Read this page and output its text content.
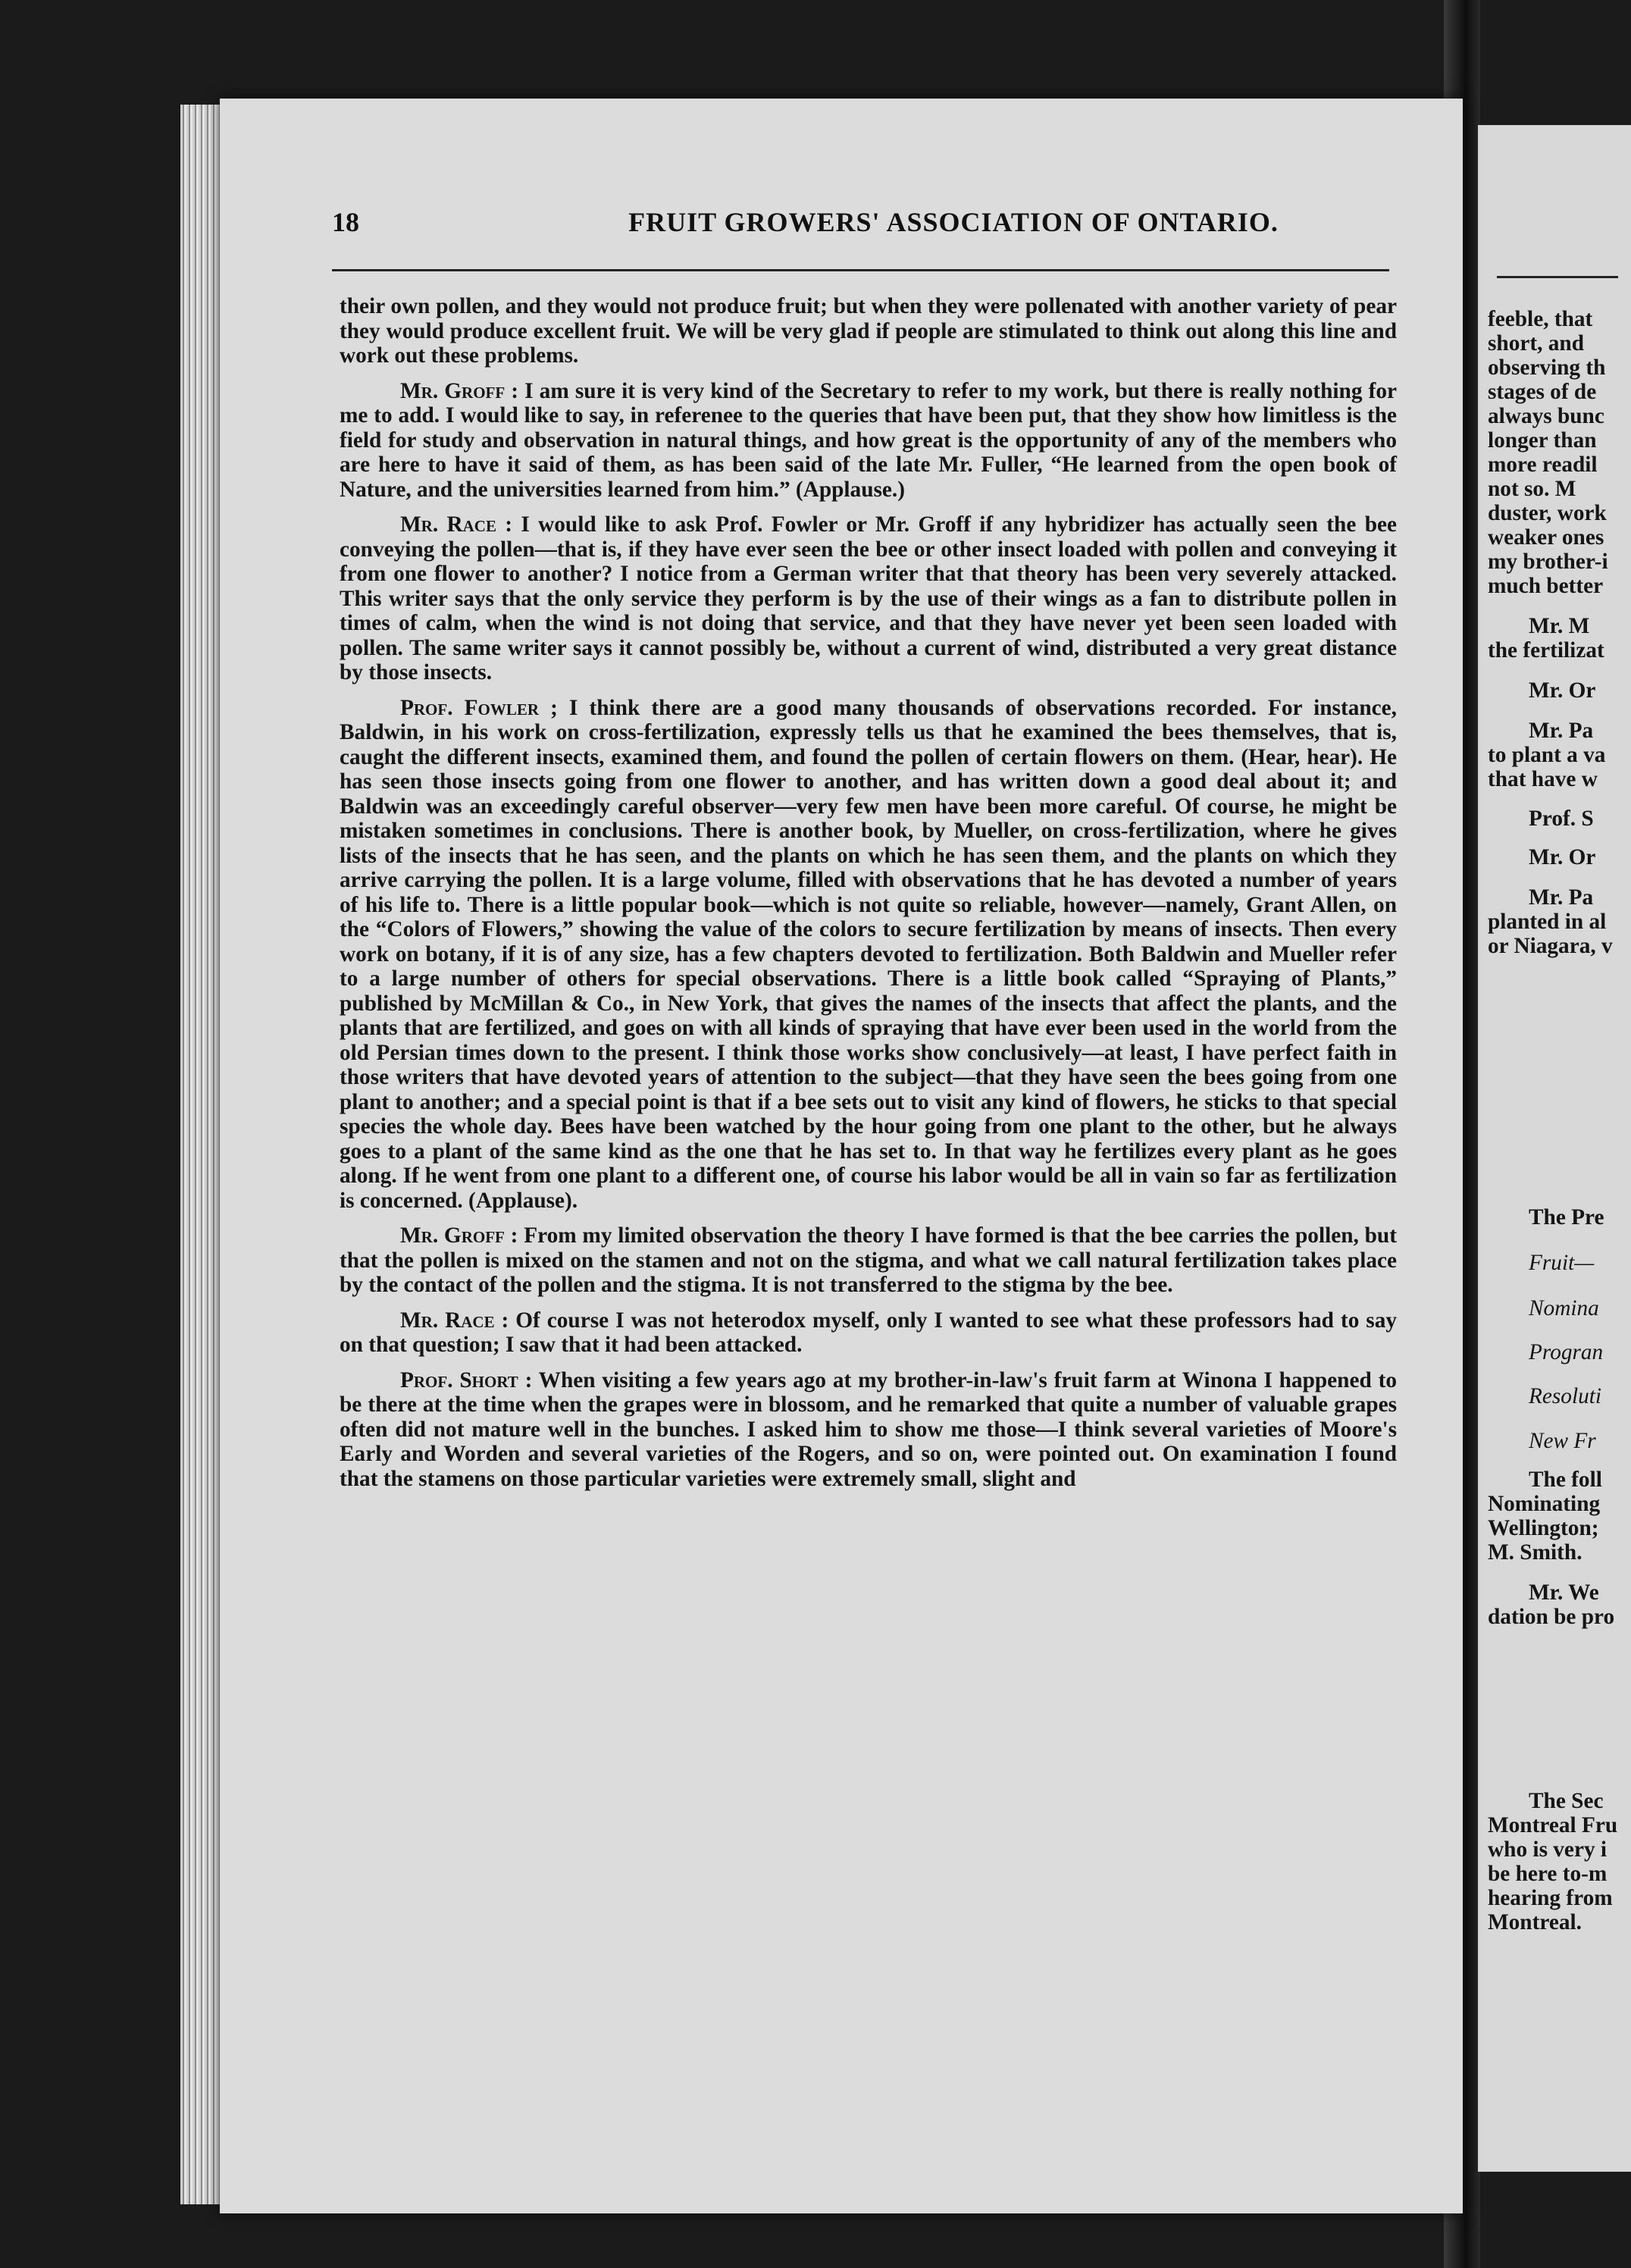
18	FRUIT GROWERS' ASSOCIATION OF ONTARIO.

their own pollen, and they would not produce fruit; but when they were pollenated with another variety of pear they would produce excellent fruit. We will be very glad if people are stimulated to think out along this line and work out these problems.

Mr. Groff : I am sure it is very kind of the Secretary to refer to my work, but there is really nothing for me to add. I would like to say, in referenee to the queries that have been put, that they show how limitless is the field for study and observation in natural things, and how great is the opportunity of any of the members who are here to have it said of them, as has been said of the late Mr. Fuller, “He learned from the open book of Nature, and the universities learned from him.” (Applause.)

Mr. Race : I would like to ask Prof. Fowler or Mr. Groff if any hybridizer has actually seen the bee conveying the pollen—that is, if they have ever seen the bee or other insect loaded with pollen and conveying it from one flower to another? I notice from a German writer that that theory has been very severely attacked. This writer says that the only service they perform is by the use of their wings as a fan to distribute pollen in times of calm, when the wind is not doing that service, and that they have never yet been seen loaded with pollen. The same writer says it cannot possibly be, without a current of wind, distributed a very great distance by those insects.

Prof. Fowler ; I think there are a good many thousands of observations recorded. For instance, Baldwin, in his work on cross-fertilization, expressly tells us that he examined the bees themselves, that is, caught the different insects, examined them, and found the pollen of certain flowers on them. (Hear, hear). He has seen those insects going from one flower to another, and has written down a good deal about it; and Baldwin was an exceedingly careful observer—very few men have been more careful. Of course, he might be mistaken sometimes in conclusions. There is another book, by Mueller, on cross-fertilization, where he gives lists of the insects that he has seen, and the plants on which he has seen them, and the plants on which they arrive carrying the pollen. It is a large volume, filled with observations that he has devoted a number of years of his life to. There is a little popular book—which is not quite so reliable, however—namely, Grant Allen, on the “Colors of Flowers,” showing the value of the colors to secure fertilization by means of insects. Then every work on botany, if it is of any size, has a few chapters devoted to fertilization. Both Baldwin and Mueller refer to a large number of others for special observations. There is a little book called “Spraying of Plants,” published by McMillan & Co., in New York, that gives the names of the insects that affect the plants, and the plants that are fertilized, and goes on with all kinds of spraying that have ever been used in the world from the old Persian times down to the present. I think those works show conclusively—at least, I have perfect faith in those writers that have devoted years of attention to the subject—that they have seen the bees going from one plant to another; and a special point is that if a bee sets out to visit any kind of flowers, he sticks to that special species the whole day. Bees have been watched by the hour going from one plant to the other, but he always goes to a plant of the same kind as the one that he has set to. In that way he fertilizes every plant as he goes along. If he went from one plant to a different one, of course his labor would be all in vain so far as fertilization is concerned. (Applause).

Mr. Groff : From my limited observation the theory I have formed is that the bee carries the pollen, but that the pollen is mixed on the stamen and not on the stigma, and what we call natural fertilization takes place by the contact of the pollen and the stigma. It is not transferred to the stigma by the bee.

Mr. Race : Of course I was not heterodox myself, only I wanted to see what these professors had to say on that question; I saw that it had been attacked.

Prof. Short : When visiting a few years ago at my brother-in-law's fruit farm at Winona I happened to be there at the time when the grapes were in blossom, and he remarked that quite a number of valuable grapes often did not mature well in the bunches. I asked him to show me those—I think several varieties of Moore's Early and Worden and several varieties of the Rogers, and so on, were pointed out. On examination I found that the stamens on those particular varieties were extremely small, slight and

feeble, that
short, and
observing th
stages of de
always bunc
longer than
more readil
not so. M
duster, work
weaker ones
my brother-i
much better
Mr. M
the fertilizat
Mr. Or
Mr. Pa
to plant a va
that have w
Prof. S
Mr. Or
Mr. Pa
planted in al
or Niagara, v
The Pre
Fruit—
Nomina
Progran
Resoluti
New Fr
The foll
Nominating
Wellington;
M. Smith.
Mr. We
dation be pro
The Sec
Montreal Fru
who is very i
be here to-m
hearing from
Montreal.
